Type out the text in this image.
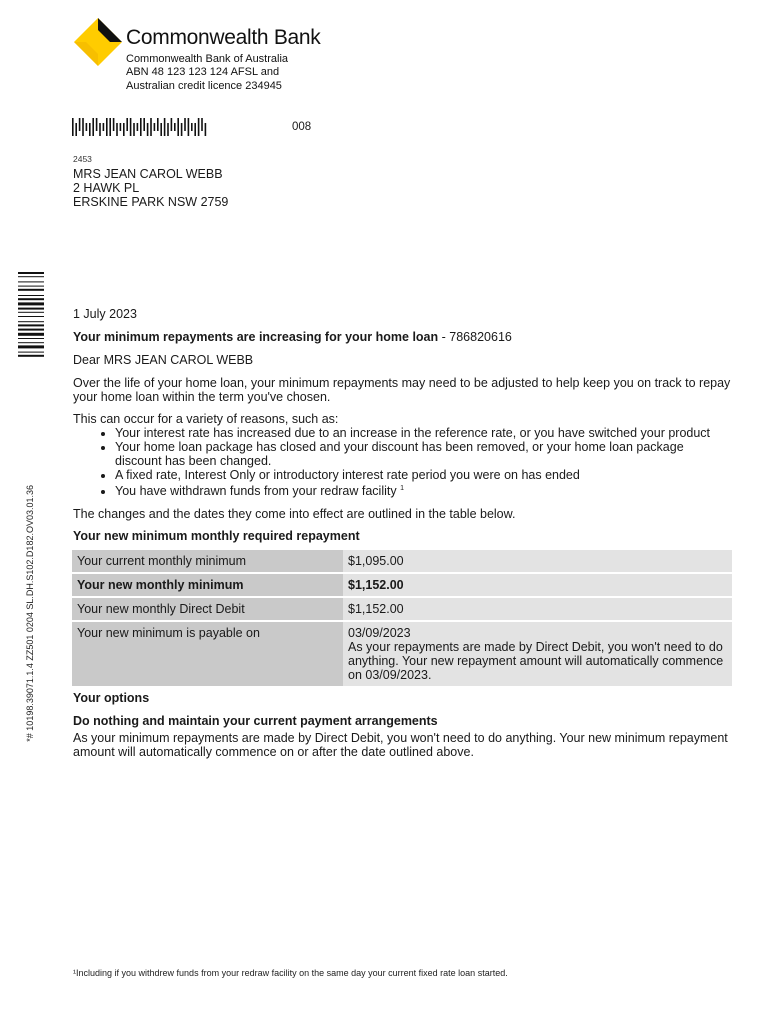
Commonwealth Bank
Commonwealth Bank of Australia
ABN 48 123 123 124 AFSL and
Australian credit licence 234945
008
2453
MRS JEAN CAROL WEBB
2 HAWK PL
ERSKINE PARK NSW 2759
*# 10198.39071.1.4 ZZ501 0204 SL.DH.S102.D182.OV03.01.36
1 July 2023
Your minimum repayments are increasing for your home loan - 786820616
Dear MRS JEAN CAROL WEBB
Over the life of your home loan, your minimum repayments may need to be adjusted to help keep you on track to repay your home loan within the term you've chosen.
This can occur for a variety of reasons, such as:
• Your interest rate has increased due to an increase in the reference rate, or you have switched your product
• Your home loan package has closed and your discount has been removed, or your home loan package discount has been changed.
• A fixed rate, Interest Only or introductory interest rate period you were on has ended
• You have withdrawn funds from your redraw facility $^1$
The changes and the dates they come into effect are outlined in the table below.
Your new minimum monthly required repayment
Your current monthly minimum	$1,095.00
Your new monthly minimum	$1,152.00
Your new monthly Direct Debit	$1,152.00
Your new minimum is payable on	03/09/2023
As your repayments are made by Direct Debit, you won't need to do anything. Your new repayment amount will automatically commence on 03/09/2023.
Your options
Do nothing and maintain your current payment arrangements
As your minimum repayments are made by Direct Debit, you won't need to do anything. Your new minimum repayment amount will automatically commence on or after the date outlined above.
¹Including if you withdrew funds from your redraw facility on the same day your current fixed rate loan started.
